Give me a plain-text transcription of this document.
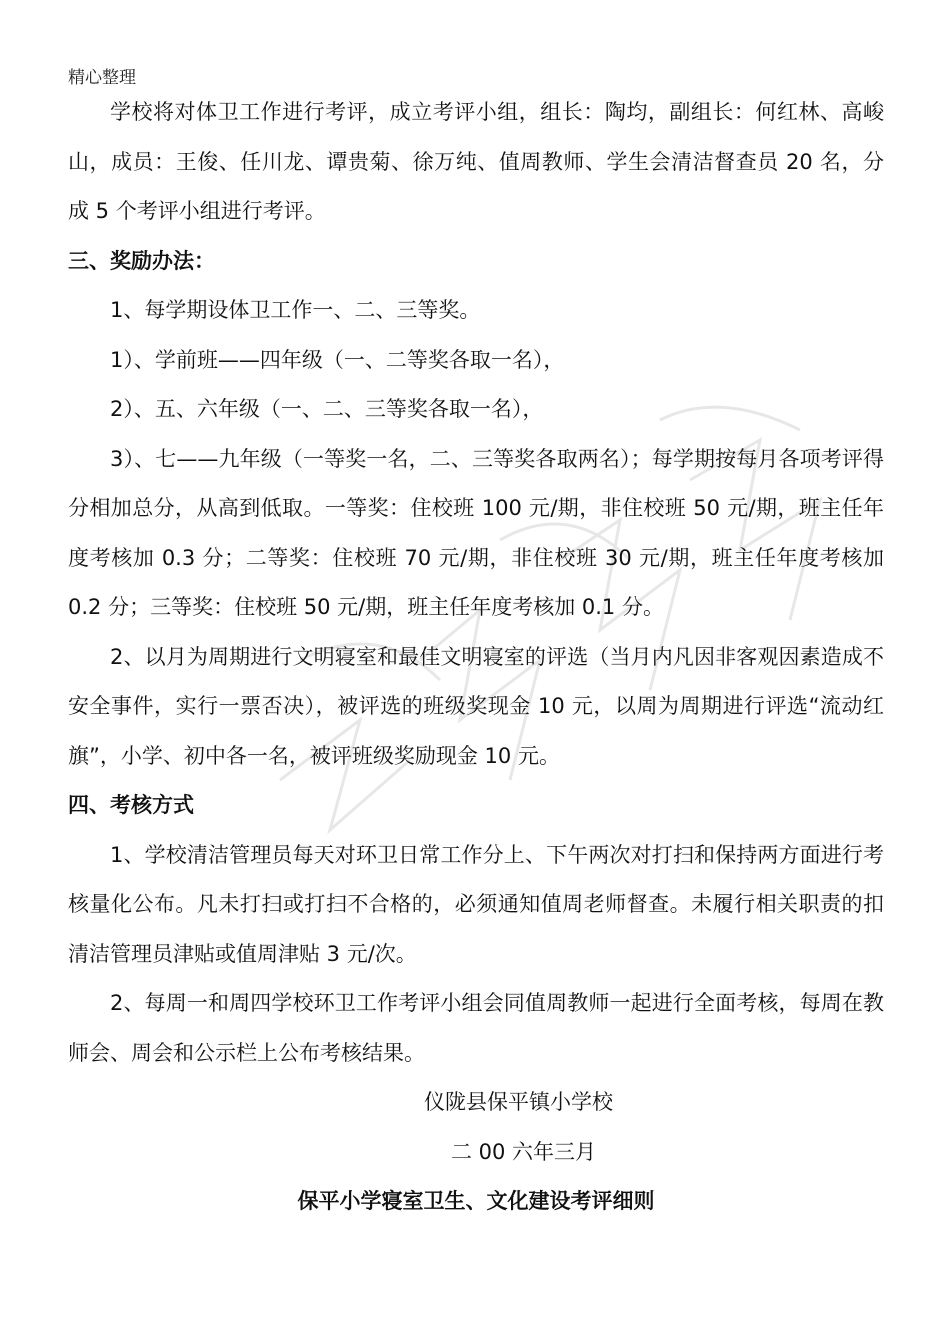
精心整理

学校将对体卫工作进行考评，成立考评小组，组长：陶均，副组长：何红林、高峻山，成员：王俊、任川龙、谭贵菊、徐万纯、值周教师、学生会清洁督查员 20 名，分成 5 个考评小组进行考评。

三、奖励办法：

1、每学期设体卫工作一、二、三等奖。

1）、学前班——四年级（一、二等奖各取一名），

2）、五、六年级（一、二、三等奖各取一名），

3）、七——九年级（一等奖一名，二、三等奖各取两名）；每学期按每月各项考评得分相加总分，从高到低取。一等奖：住校班 100 元/期，非住校班 50 元/期，班主任年度考核加 0.3 分；二等奖：住校班 70 元/期，非住校班 30 元/期，班主任年度考核加 0.2 分；三等奖：住校班 50 元/期，班主任年度考核加 0.1 分。

2、以月为周期进行文明寝室和最佳文明寝室的评选（当月内凡因非客观因素造成不安全事件，实行一票否决），被评选的班级奖现金 10 元，以周为周期进行评选“流动红旗”，小学、初中各一名，被评班级奖励现金 10 元。

四、考核方式

1、学校清洁管理员每天对环卫日常工作分上、下午两次对打扫和保持两方面进行考核量化公布。凡未打扫或打扫不合格的，必须通知值周老师督查。未履行相关职责的扣清洁管理员津贴或值周津贴 3 元/次。

2、每周一和周四学校环卫工作考评小组会同值周教师一起进行全面考核，每周在教师会、周会和公示栏上公布考核结果。

仪陇县保平镇小学校

二 00 六年三月

保平小学寝室卫生、文化建设考评细则
